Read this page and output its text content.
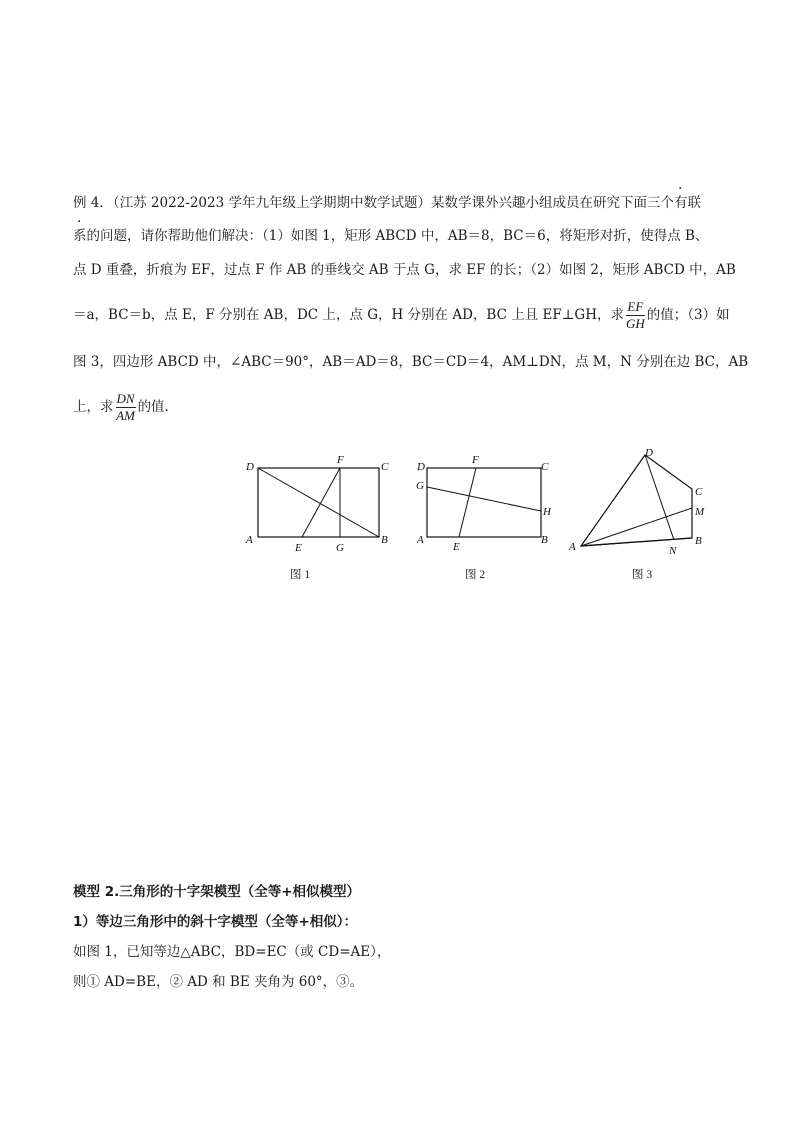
例 4．（江苏 2022-2023 学年九年级上学期期中数学试题）某数学课外兴趣小组成员在研究下面三个有联
系的问题，请你帮助他们解决：（1）如图 1，矩形 ABCD 中，AB＝8，BC＝6，将矩形对折，使得点 B、
点 D 重叠，折痕为 EF，过点 F 作 AB 的垂线交 AB 于点 G，求 EF 的长；（2）如图 2，矩形 ABCD 中，AB
＝a，BC＝b，点 E，F 分别在 AB，DC 上，点 G，H 分别在 AD，BC 上且 EF⊥GH，求 $\frac{EF}{GH}$ 的值；（3）如
图 3，四边形 ABCD 中，∠ABC＝90°，AB＝AD＝8，BC＝CD＝4，AM⊥DN，点 M，N 分别在边 BC，AB
上，求 $\frac{DN}{AM}$ 的值.
D
F
C
A
E	G
B
图 1
D
F
C
G
H
A
E
B
图 2
D
C
M
A	N
B
图 3
模型 2.三角形的十字架模型（全等+相似模型）
1）等边三角形中的斜十字模型（全等+相似）：
如图 1，已知等边△ABC，BD=EC（或 CD=AE），
则① AD=BE，② AD 和 BE 夹角为 60°，③。
